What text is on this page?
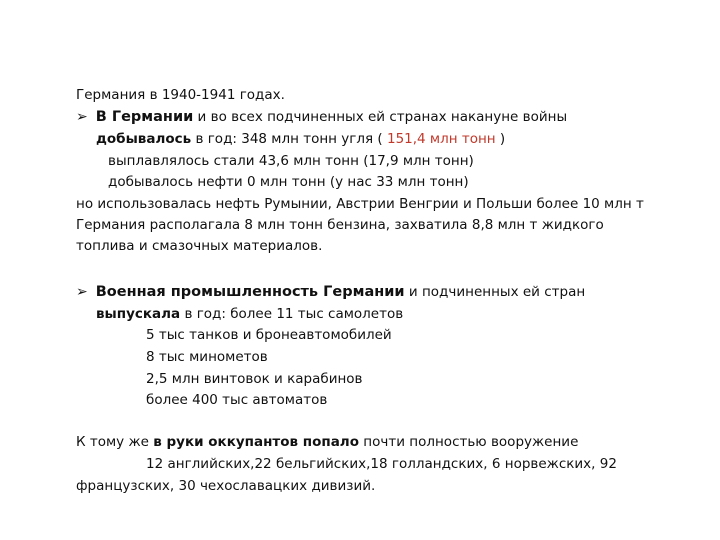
Германия в 1940-1941 годах.
➢ В Германии и во всех подчиненных ей странах накануне войны
добывалось в год: 348 млн тонн угля ( 151,4 млн тонн )
выплавлялось стали 43,6 млн тонн (17,9 млн тонн)
добывалось нефти 0 млн тонн (у нас 33 млн тонн)
но использовалась нефть Румынии, Австрии Венгрии и Польши более 10 млн т
Германия располагала 8 млн тонн бензина, захватила 8,8 млн т жидкого
топлива и смазочных материалов.
➢ Военная промышленность Германии и подчиненных ей стран
выпускала в год: более 11 тыс самолетов
5 тыс танков и бронеавтомобилей
8 тыс минометов
2,5 млн винтовок и карабинов
более 400 тыс автоматов
К тому же в руки оккупантов попало почти полностью вооружение
12 английских,22 бельгийских,18 голландских, 6 норвежских, 92
французских, 30 чехославацких дивизий.
